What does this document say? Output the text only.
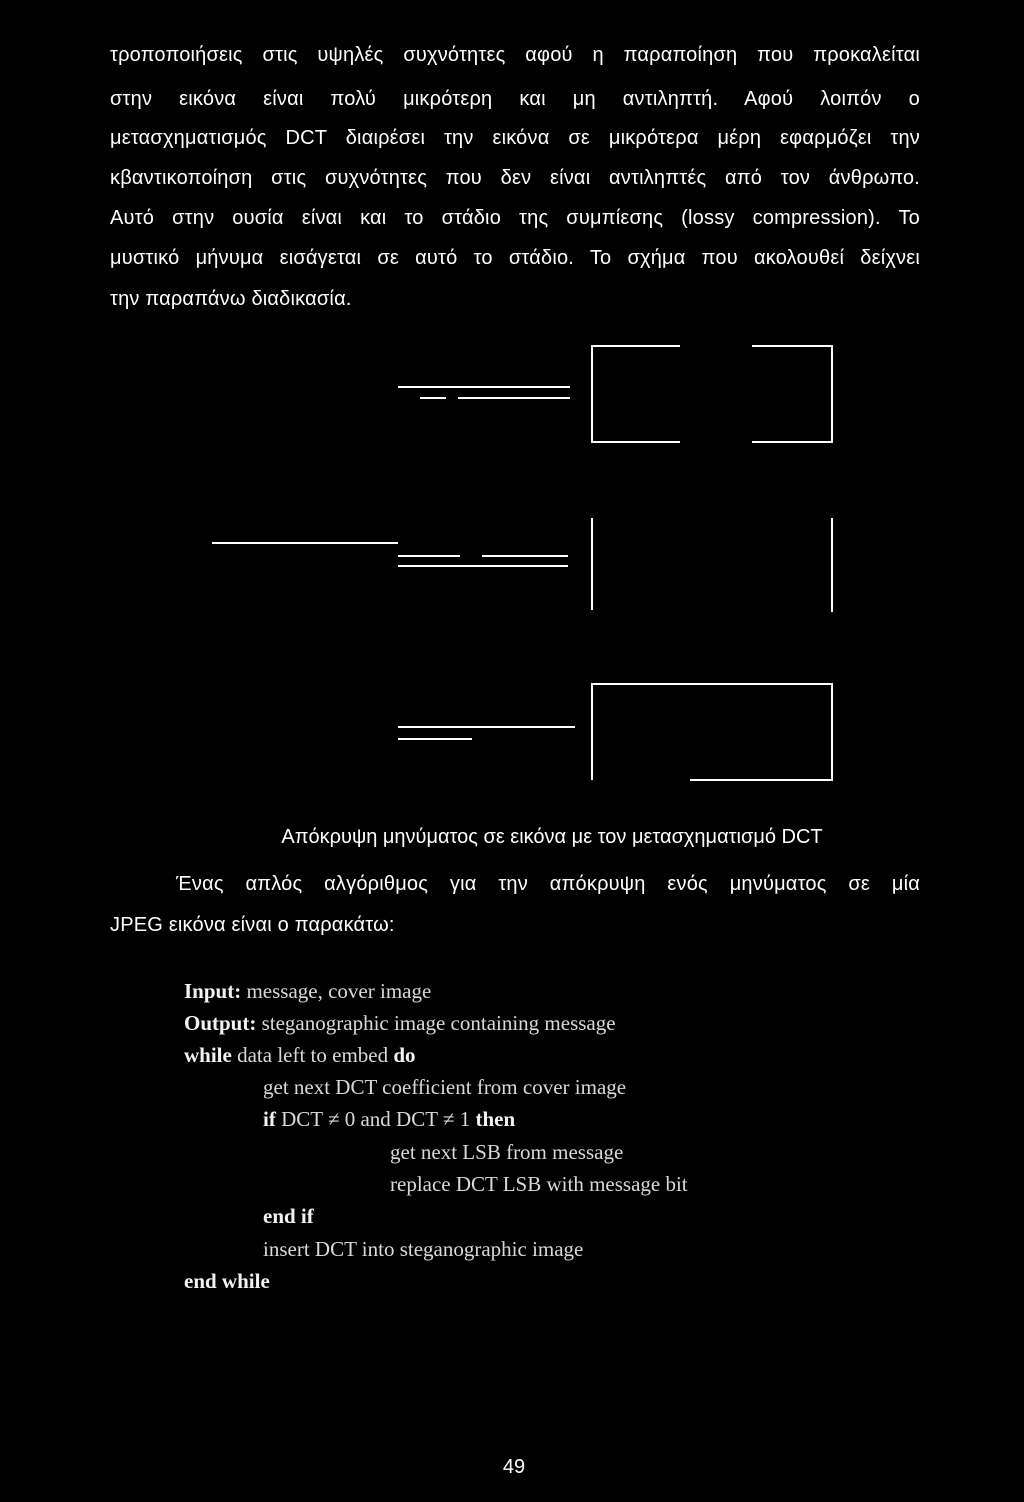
τροποποιήσεις στις υψηλές συχνότητες αφού η παραποίηση που προκαλείται
στην εικόνα είναι πολύ μικρότερη και μη αντιληπτή. Αφού λοιπόν ο
μετασχηματισμός DCT διαιρέσει την εικόνα σε μικρότερα μέρη εφαρμόζει την
κβαντικοποίηση στις συχνότητες που δεν είναι αντιληπτές από τον άνθρωπο.
Αυτό στην ουσία είναι και το στάδιο της συμπίεσης (lossy compression). Το
μυστικό μήνυμα εισάγεται σε αυτό το στάδιο. Το σχήμα που ακολουθεί δείχνει
την παραπάνω διαδικασία.
Απόκρυψη μηνύματος σε εικόνα με τον μετασχηματισμό DCT
Ένας απλός αλγόριθμος για την απόκρυψη ενός μηνύματος σε μία
JPEG εικόνα είναι ο παρακάτω:
Input: message, cover image
Output: steganographic image containing message
while data left to embed do
get next DCT coefficient from cover image
if DCT ≠ 0 and DCT ≠ 1 then
get next LSB from message
replace DCT LSB with message bit
end if
insert DCT into steganographic image
end while
49
